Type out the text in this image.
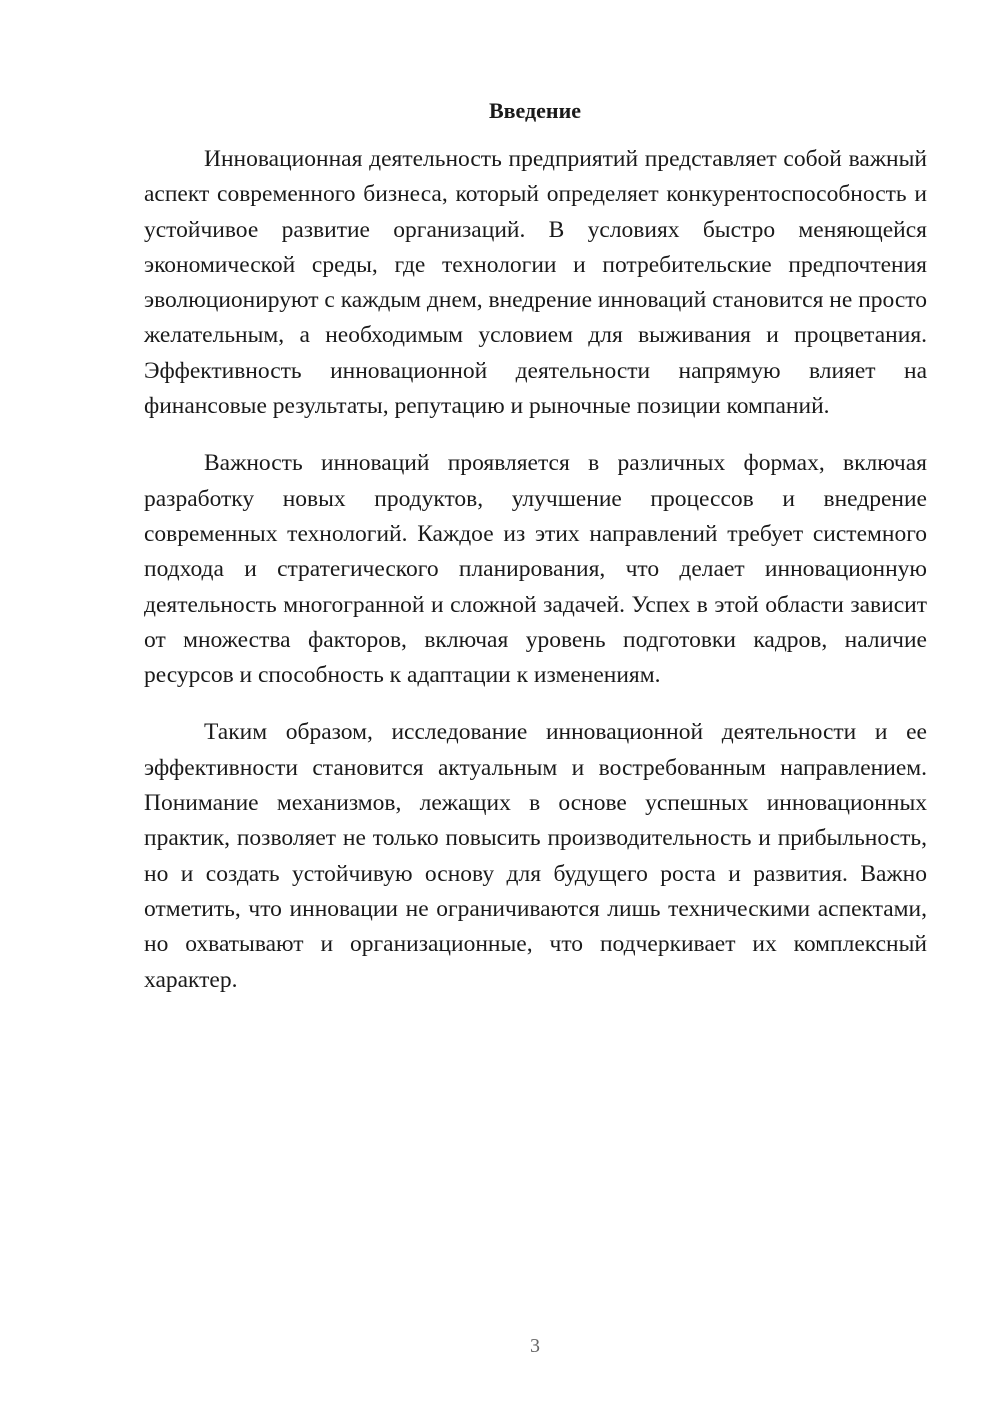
Введение

Инновационная деятельность предприятий представляет собой важный аспект современного бизнеса, который определяет конкурентоспособность и устойчивое развитие организаций. В условиях быстро меняющейся экономической среды, где технологии и потребительские предпочтения эволюционируют с каждым днем, внедрение инноваций становится не просто желательным, а необходимым условием для выживания и процветания. Эффективность инновационной деятельности напрямую влияет на финансовые результаты, репутацию и рыночные позиции компаний.

Важность инноваций проявляется в различных формах, включая разработку новых продуктов, улучшение процессов и внедрение современных технологий. Каждое из этих направлений требует системного подхода и стратегического планирования, что делает инновационную деятельность многогранной и сложной задачей. Успех в этой области зависит от множества факторов, включая уровень подготовки кадров, наличие ресурсов и способность к адаптации к изменениям.

Таким образом, исследование инновационной деятельности и ее эффективности становится актуальным и востребованным направлением. Понимание механизмов, лежащих в основе успешных инновационных практик, позволяет не только повысить производительность и прибыльность, но и создать устойчивую основу для будущего роста и развития. Важно отметить, что инновации не ограничиваются лишь техническими аспектами, но охватывают и организационные, что подчеркивает их комплексный характер.

3
